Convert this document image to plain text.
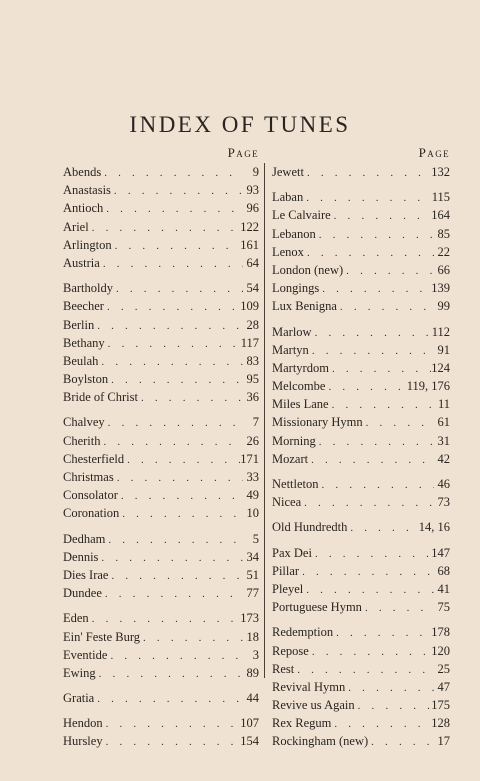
INDEX OF TUNES
Page
Abends . . .	9
Anastasis . . .	93
Antioch . . .	96
Ariel . . .	122
Arlington . . .	161
Austria . . .	64
Bartholdy . . .	54
Beecher . . .	109
Berlin . . .	28
Bethany . . .	117
Beulah . . .	83
Boylston . . .	95
Bride of Christ . . .	36
Chalvey . . .	7
Cherith . . .	26
Chesterfield . . .	171
Christmas . . .	33
Consolator . . .	49
Coronation . . .	10
Dedham . . .	5
Dennis . . .	34
Dies Irae . . .	51
Dundee . . .	77
Eden . . .	173
Ein' Feste Burg . . .	18
Eventide . . .	3
Ewing . . .	89
Gratia . . .	44
Hendon . . .	107
Hursley . . .	154
Page
Jewett . . .	132
Laban . . .	115
Le Calvaire . . .	164
Lebanon . . .	85
Lenox . . .	22
London (new) . . .	66
Longings . . .	139
Lux Benigna . . .	99
Marlow . . .	112
Martyn . . .	91
Martyrdom . . .	124
Melcombe . . .	119, 176
Miles Lane . . .	11
Missionary Hymn . . .	61
Morning . . .	31
Mozart . . .	42
Nettleton . . .	46
Nicea . . .	73
Old Hundredth . . .	14, 16
Pax Dei . . .	147
Pillar . . .	68
Pleyel . . .	41
Portuguese Hymn . . .	75
Redemption . . .	178
Repose . . .	120
Rest . . .	25
Revival Hymn . . .	47
Revive us Again . . .	175
Rex Regum . . .	128
Rockingham (new) . . .	17
